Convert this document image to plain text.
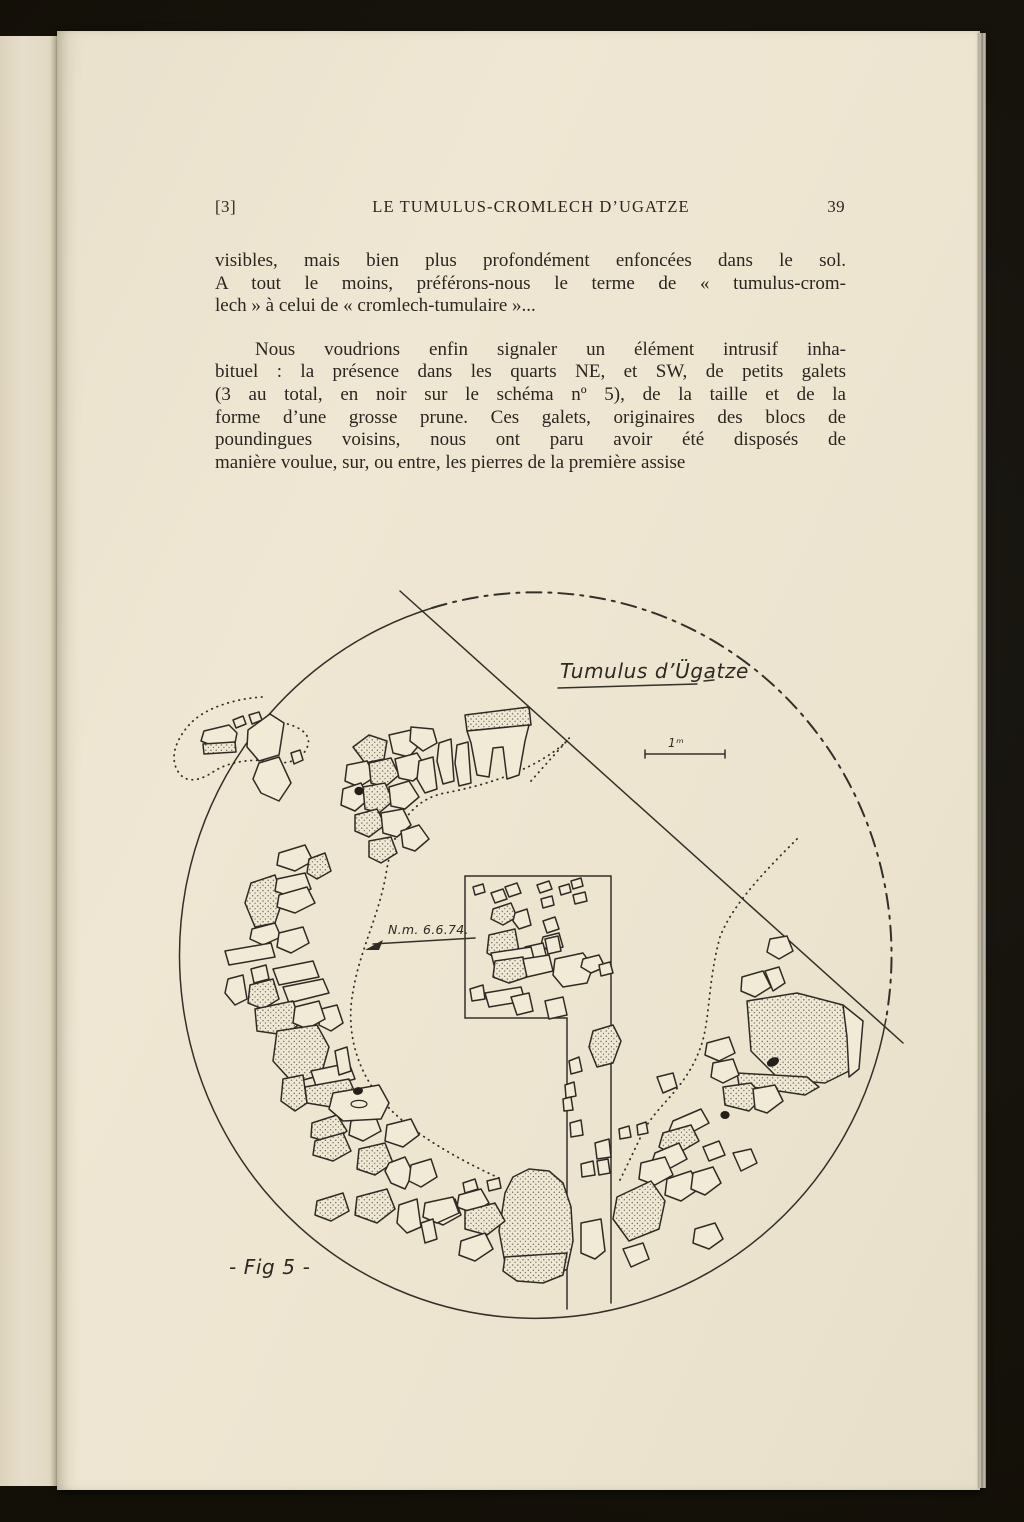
[3]	LE TUMULUS-CROMLECH D’UGATZE	39
visibles, mais bien plus profondément enfoncées dans le sol.
A tout le moins, préférons-nous le terme de « tumulus-crom-
lech » à celui de « cromlech-tumulaire »...
Nous voudrions enfin signaler un élément intrusif inha-
bituel : la présence dans les quarts NE, et SW, de petits galets
(3 au total, en noir sur le schéma nº 5), de la taille et de la
forme d’une grosse prune. Ces galets, originaires des blocs de
poundingues voisins, nous ont paru avoir été disposés de
manière voulue, sur, ou entre, les pierres de la première assise
Tumulus d’Ügatze
1ᵐ
N.m. 6.6.74.
- Fig 5 -
